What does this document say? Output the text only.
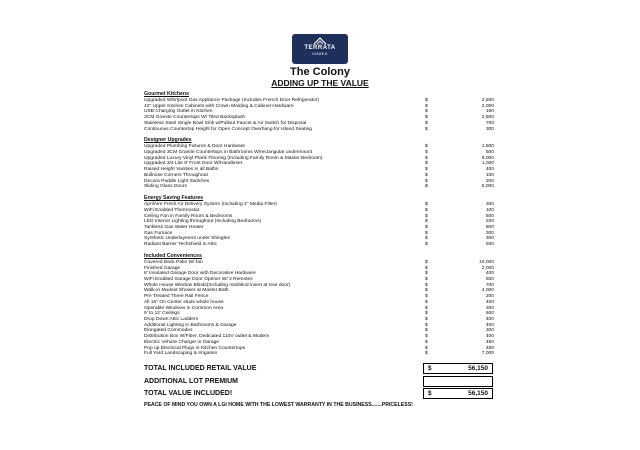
TERRATA
HOMES
The Colony
ADDING UP THE VALUE
Gourmet Kitchens
Upgraded Whirlpool Gas Appliance Package (Includes French Door Refrigerator)	$	2,500
42" Upper Kitchen Cabinets with Crown Molding & Cabinet Hardware	$	2,000
USB Charging Outlet in Kitchen	$	150
3CM Granite Countertops W/ Tiled Backsplash	$	2,500
Stainless Steel Single Bowl Sink w/Pullout Faucet & Air Switch for Disposal	$	700
Continuous Countertop Height for Open Concept Overhang for Island Seating	$	300
Designer Upgrades
Upgraded Plumbing Fixtures & Door Hardware	$	1,500
Upgraded 3CM Granite Countertops in Bathrooms W/rectangular undermount	$	500
Upgraded Luxury Vinyl Plank Flooring (Including Family Room & Master Bedroom)	$	8,000
Upgraded 3/4 Lite 8' Front Door W/Handleset	$	1,000
Raised Height Vanities in all Baths	$	400
Bullnose Corners Throughout	$	100
Decora Paddle Light Switches	$	200
Sliding Glass Doors	$	5,000
Energy Saving Features
AprilAire Fresh Air Delivery System (Including 4" Media Filter)	$	300
WiFi Enabled Thermostat	$	100
Ceiling Fan in Family Room & Bedrooms	$	500
LED Interior Lighting throughout (Including Bedrooms)	$	200
Tankless Gas Water Heater	$	800
Gas Furnace	$	300
Synthetic Underlayment under Shingles	$	300
Radiant Barrier Techshield in Attic	$	500
Included Conveniences
Covered Back Patio W/ fan	$	10,000
Finished Garage	$	2,000
8' Insulated Garage Door with Decorative Hardware	$	400
WiFi Enabled Garage Door Opener W/ 2 Remotes	$	500
Whole House Window Blinds(Including miniblind insert at rear door)	$	700
Walk-in Mudset Shower at Master Bath	$	4,000
Pre Treated Three Rail Fence	$	200
All 16" On Center studs whole house	$	400
Operable Windows in Common Area	$	300
9' to 12' Ceilings	$	600
Drop Down Attic Ladders	$	400
Additional Lighting in Bathrooms & Garage	$	400
Elongated Commodes	$	300
Distribution Box W/Fiber, Dedicated 110V outlet & Modem	$	400
Electric Vehicle Charger in Garage	$	450
Pop up Electrical Plugs in Kitchen Countertops	$	450
Full Yard Landscaping & Irrigation	$	7,000
TOTAL INCLUDED RETAIL VALUE	$	56,150
ADDITIONAL LOT PREMIUM
TOTAL VALUE INCLUDED!	$	56,150
PEACE OF MIND YOU OWN A LGI HOME WITH THE LOWEST WARRANTY IN THE BUSINESS.......PRICELESS!
